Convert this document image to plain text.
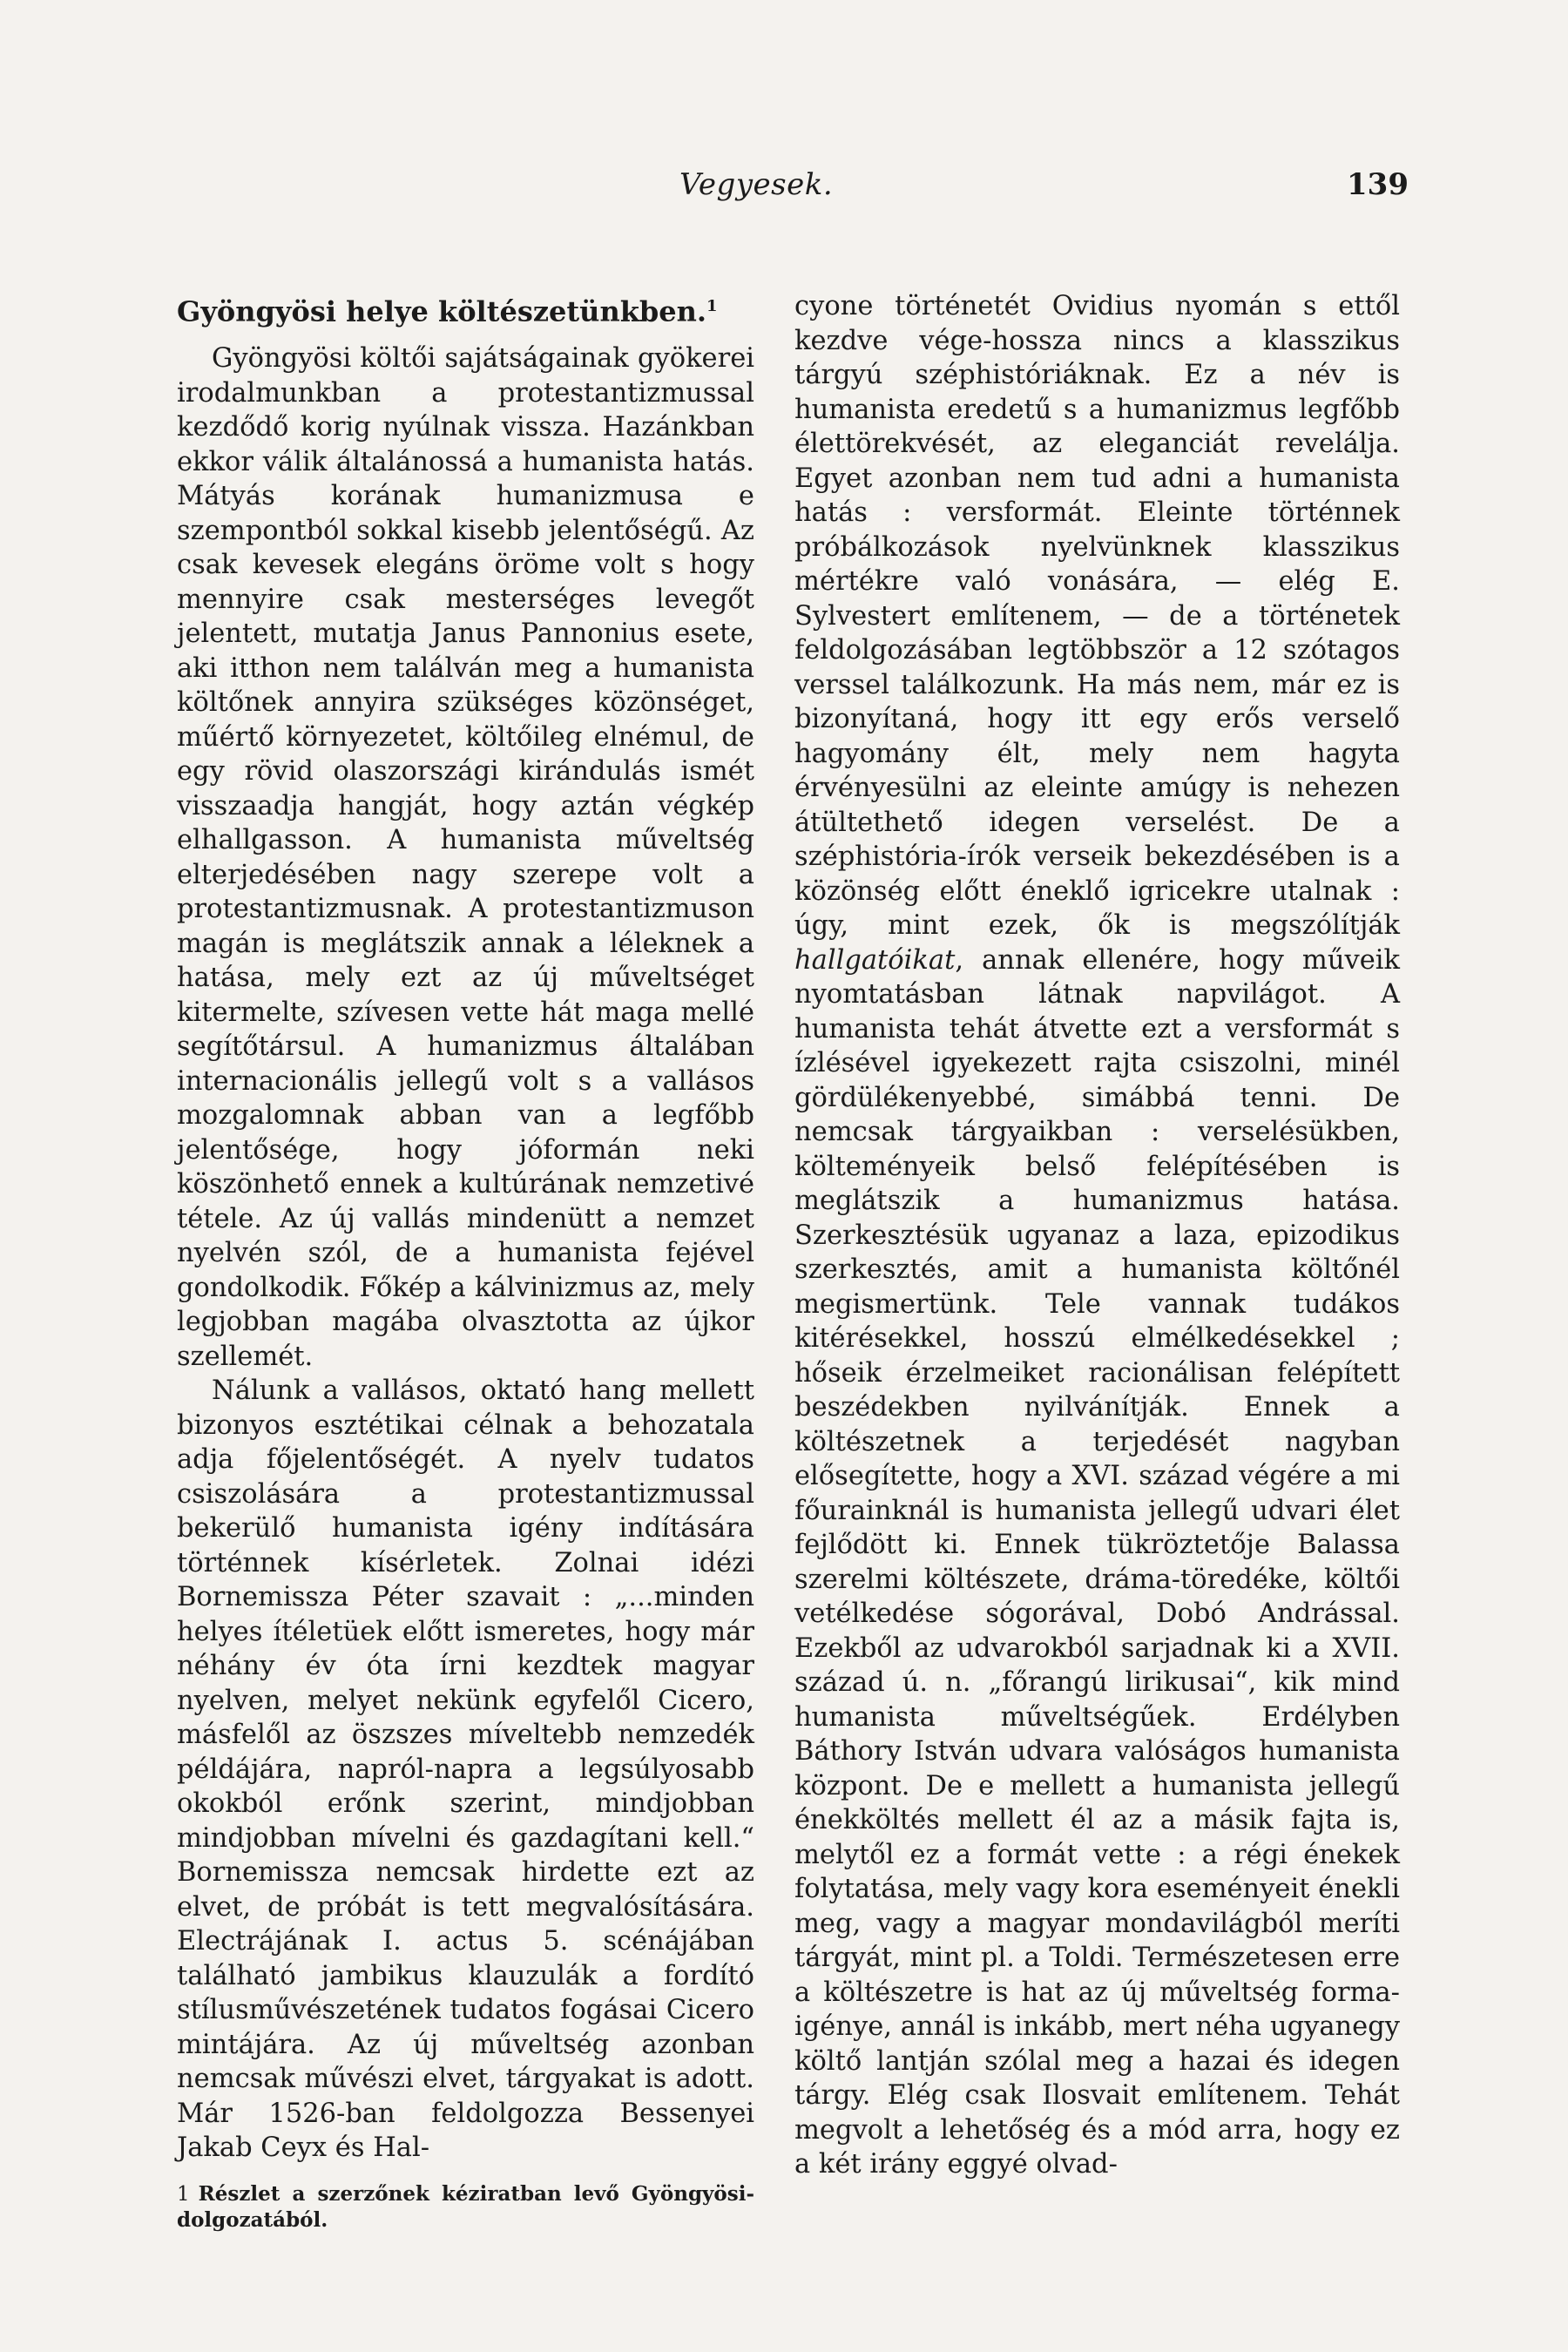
Vegyesek.	139

Gyöngyösi helye költészetünkben.$^1$

Gyöngyösi költői sajátságainak gyökerei irodalmunkban a protestantizmussal kezdődő korig nyúlnak vissza. Hazánkban ekkor válik általánossá a humanista hatás. Mátyás korának humanizmusa e szempontból sokkal kisebb jelentőségű. Az csak kevesek elegáns öröme volt s hogy mennyire csak mesterséges levegőt jelentett, mutatja Janus Pannonius esete, aki itthon nem találván meg a humanista költőnek annyira szükséges közönséget, műértő környezetet, költőileg elnémul, de egy rövid olaszországi kirándulás ismét visszaadja hangját, hogy aztán végkép elhallgasson. A humanista műveltség elterjedésében nagy szerepe volt a protestantizmusnak. A protestantizmuson magán is meglátszik annak a léleknek a hatása, mely ezt az új műveltséget kitermelte, szívesen vette hát maga mellé segítőtársul. A humanizmus általában internacionális jellegű volt s a vallásos mozgalomnak abban van a legfőbb jelentősége, hogy jóformán neki köszönhető ennek a kultúrának nemzetivé tétele. Az új vallás mindenütt a nemzet nyelvén szól, de a humanista fejével gondolkodik. Főkép a kálvinizmus az, mely legjobban magába olvasztotta az újkor szellemét.

Nálunk a vallásos, oktató hang mellett bizonyos esztétikai célnak a behozatala adja főjelentőségét. A nyelv tudatos csiszolására a protestantizmussal bekerülő humanista igény indítására történnek kísérletek. Zolnai idézi Bornemissza Péter szavait : „...minden helyes ítéletüek előtt ismeretes, hogy már néhány év óta írni kezdtek magyar nyelven, melyet nekünk egyfelől Cicero, másfelől az öszszes míveltebb nemzedék példájára, napról-napra a legsúlyosabb okokból erőnk szerint, mindjobban mindjobban mívelni és gazdagítani kell.“ Bornemissza nemcsak hirdette ezt az elvet, de próbát is tett megvalósítására. Electrájának I. actus 5. scénájában található jambikus klauzulák a fordító stílusművészetének tudatos fogásai Cicero mintájára. Az új műveltség azonban nemcsak művészi elvet, tárgyakat is adott. Már 1526-ban feldolgozza Bessenyei Jakab Ceyx és Hal-

1 Részlet a szerzőnek kéziratban levő Gyöngyösi-dolgozatából.

cyone történetét Ovidius nyomán s ettől kezdve vége-hossza nincs a klasszikus tárgyú széphistóriáknak. Ez a név is humanista eredetű s a humanizmus legfőbb élettörekvését, az eleganciát revelálja. Egyet azonban nem tud adni a humanista hatás : versformát. Eleinte történnek próbálkozások nyelvünknek klasszikus mértékre való vonására, — elég E. Sylvestert említenem, — de a történetek feldolgozásában legtöbbször a 12 szótagos verssel találkozunk. Ha más nem, már ez is bizonyítaná, hogy itt egy erős verselő hagyomány élt, mely nem hagyta érvényesülni az eleinte amúgy is nehezen átültethető idegen verselést. De a széphistória-írók verseik bekezdésében is a közönség előtt éneklő igricekre utalnak : úgy, mint ezek, ők is megszólítják hallgatóikat, annak ellenére, hogy műveik nyomtatásban látnak napvilágot. A humanista tehát átvette ezt a versformát s ízlésével igyekezett rajta csiszolni, minél gördülékenyebbé, simábbá tenni. De nemcsak tárgyaikban : verselésükben, költeményeik belső felépítésében is meglátszik a humanizmus hatása. Szerkesztésük ugyanaz a laza, epizodikus szerkesztés, amit a humanista költőnél megismertünk. Tele vannak tudákos kitérésekkel, hosszú elmélkedésekkel ; hőseik érzelmeiket racionálisan felépített beszédekben nyilvánítják. Ennek a költészetnek a terjedését nagyban elősegítette, hogy a XVI. század végére a mi főurainknál is humanista jellegű udvari élet fejlődött ki. Ennek tükröztetője Balassa szerelmi költészete, dráma-töredéke, költői vetélkedése sógorával, Dobó Andrással. Ezekből az udvarokból sarjadnak ki a XVII. század ú. n. „főrangú lirikusai“, kik mind humanista műveltségűek. Erdélyben Báthory István udvara valóságos humanista központ. De e mellett a humanista jellegű énekköltés mellett él az a másik fajta is, melytől ez a formát vette : a régi énekek folytatása, mely vagy kora eseményeit énekli meg, vagy a magyar mondavilágból meríti tárgyát, mint pl. a Toldi. Természetesen erre a költészetre is hat az új műveltség forma-igénye, annál is inkább, mert néha ugyanegy költő lantján szólal meg a hazai és idegen tárgy. Elég csak Ilosvait említenem. Tehát megvolt a lehetőség és a mód arra, hogy ez a két irány eggyé olvad-
